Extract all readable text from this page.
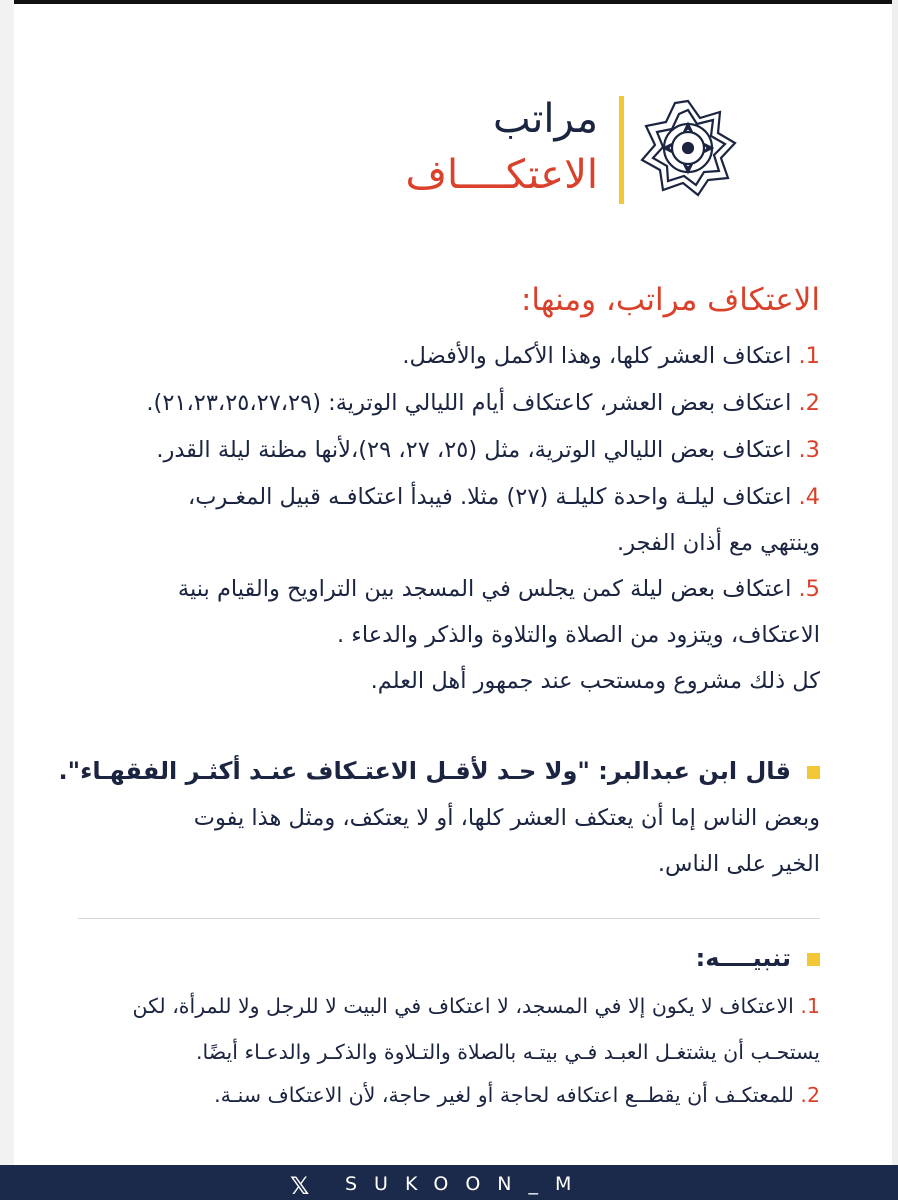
مراتب
الاعتكــــاف
الاعتكاف مراتب، ومنها:
1. اعتكاف العشر كلها، وهذا الأكمل والأفضل.
2. اعتكاف بعض العشر، كاعتكاف أيام الليالي الوترية: (٢١،٢٣،٢٥،٢٧،٢٩).
3. اعتكاف بعض الليالي الوترية، مثل (٢٥، ٢٧، ٢٩)،لأنها مظنة ليلة القدر.
4. اعتكاف ليلـة واحدة كليلـة (٢٧) مثلا. فيبدأ اعتكافـه قبيل المغـرب،
وينتهي مع أذان الفجر.
5. اعتكاف بعض ليلة كمن يجلس في المسجد بين التراويح والقيام بنية
الاعتكاف، ويتزود من الصلاة والتلاوة والذكر والدعاء .
كل ذلك مشروع ومستحب عند جمهور أهل العلم.
قال ابن عبدالبر: "ولا حـد لأقـل الاعتـكاف عنـد أكثـر الفقهـاء".
وبعض الناس إما أن يعتكف العشر كلها، أو لا يعتكف، ومثل هذا يفوت
الخير على الناس.
تنبيــــه:
1. الاعتكاف لا يكون إلا في المسجد، لا اعتكاف في البيت لا للرجل ولا للمرأة، لكن
يستحـب أن يشتغـل العبـد فـي بيتـه بالصلاة والتـلاوة والذكـر والدعـاء أيضًا.
2. للمعتكـف أن يقطــع اعتكافه لحاجة أو لغير حاجة، لأن الاعتكاف سنـة.
𝕏 SUKOON_M
